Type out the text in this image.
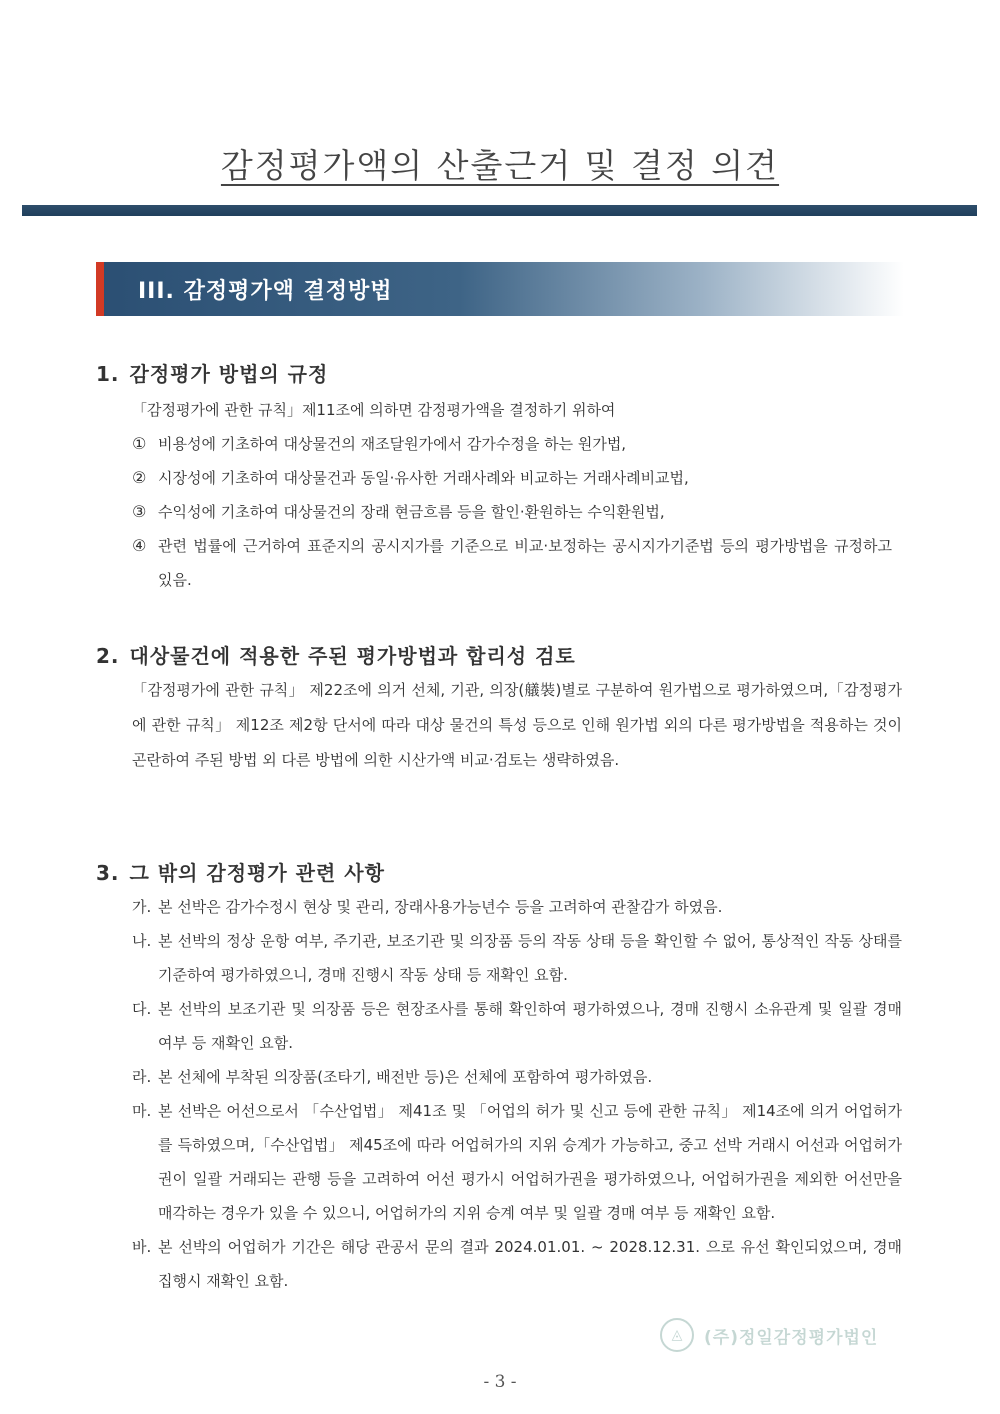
감정평가액의 산출근거 및 결정 의견
III. 감정평가액 결정방법
1. 감정평가 방법의 규정

「감정평가에 관한 규칙」제11조에 의하면 감정평가액을 결정하기 위하여

① 비용성에 기초하여 대상물건의 재조달원가에서 감가수정을 하는 원가법,
② 시장성에 기초하여 대상물건과 동일·유사한 거래사례와 비교하는 거래사례비교법,
③ 수익성에 기초하여 대상물건의 장래 현금흐름 등을 할인·환원하는 수익환원법,
④ 관련 법률에 근거하여 표준지의 공시지가를 기준으로 비교·보정하는 공시지가기준법 등의 평가방법을 규정하고 있음.
2. 대상물건에 적용한 주된 평가방법과 합리성 검토

「감정평가에 관한 규칙」 제22조에 의거 선체, 기관, 의장(艤裝)별로 구분하여 원가법으로 평가하였으며,「감정평가에 관한 규칙」 제12조 제2항 단서에 따라 대상 물건의 특성 등으로 인해 원가법 외의 다른 평가방법을 적용하는 것이 곤란하여 주된 방법 외 다른 방법에 의한 시산가액 비교·검토는 생략하였음.

3. 그 밖의 감정평가 관련 사항
가. 본 선박은 감가수정시 현상 및 관리, 장래사용가능년수 등을 고려하여 관찰감가 하였음.
나. 본 선박의 정상 운항 여부, 주기관, 보조기관 및 의장품 등의 작동 상태 등을 확인할 수 없어, 통상적인 작동 상태를 기준하여 평가하였으니, 경매 진행시 작동 상태 등 재확인 요함.
다. 본 선박의 보조기관 및 의장품 등은 현장조사를 통해 확인하여 평가하였으나, 경매 진행시 소유관계 및 일괄 경매 여부 등 재확인 요함.
라. 본 선체에 부착된 의장품(조타기, 배전반 등)은 선체에 포함하여 평가하였음.
마. 본 선박은 어선으로서 「수산업법」 제41조 및 「어업의 허가 및 신고 등에 관한 규칙」 제14조에 의거 어업허가를 득하였으며,「수산업법」 제45조에 따라 어업허가의 지위 승계가 가능하고, 중고 선박 거래시 어선과 어업허가권이 일괄 거래되는 관행 등을 고려하여 어선 평가시 어업허가권을 평가하였으나, 어업허가권을 제외한 어선만을 매각하는 경우가 있을 수 있으니, 어업허가의 지위 승계 여부 및 일괄 경매 여부 등 재확인 요함.
바. 본 선박의 어업허가 기간은 해당 관공서 문의 결과 2024.01.01. ~ 2028.12.31. 으로 유선 확인되었으며, 경매 집행시 재확인 요함.
◬	(주)정일감정평가법인
- 3 -
